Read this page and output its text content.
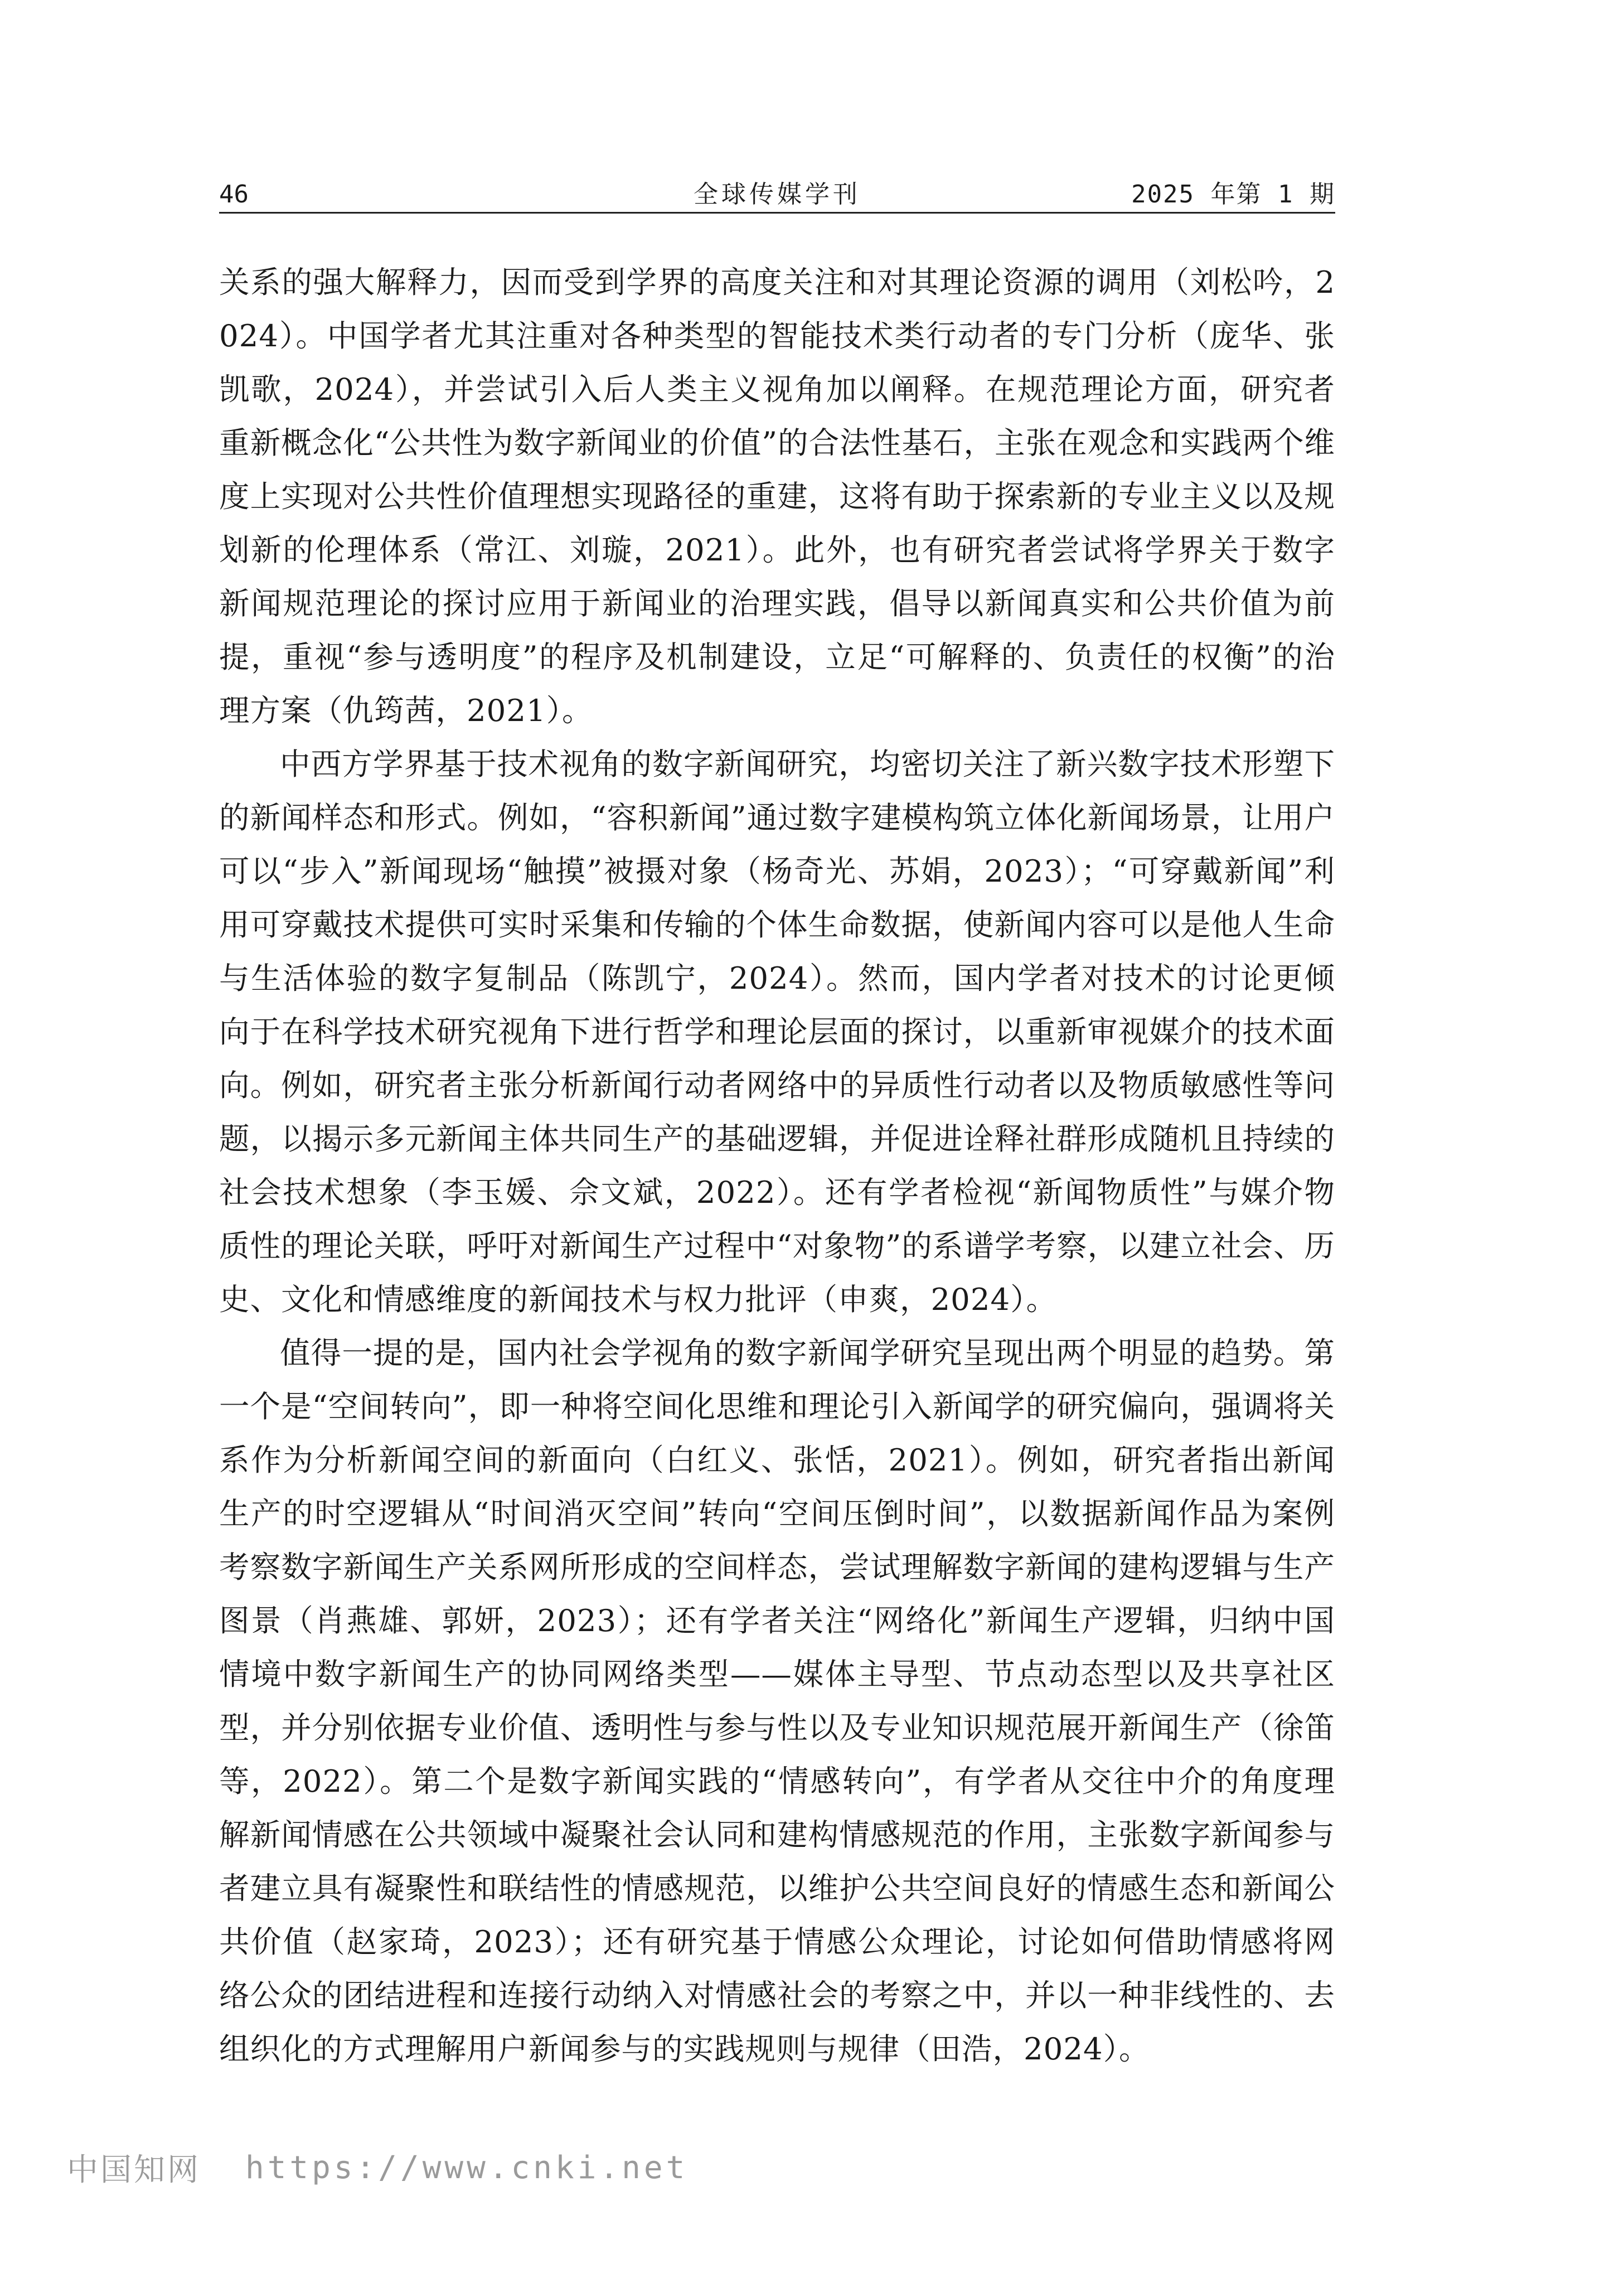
全球传媒学刊
46	2025 年第 1 期

关系的强大解释力，因而受到学界的高度关注和对其理论资源的调用（刘松吟，2024）。中国学者尤其注重对各种类型的智能技术类行动者的专门分析（庞华、张凯歌，2024），并尝试引入后人类主义视角加以阐释。在规范理论方面，研究者重新概念化“公共性为数字新闻业的价值”的合法性基石，主张在观念和实践两个维度上实现对公共性价值理想实现路径的重建，这将有助于探索新的专业主义以及规划新的伦理体系（常江、刘璇，2021）。此外，也有研究者尝试将学界关于数字新闻规范理论的探讨应用于新闻业的治理实践，倡导以新闻真实和公共价值为前提，重视“参与透明度”的程序及机制建设，立足“可解释的、负责任的权衡”的治理方案（仇筠茜，2021）。

中西方学界基于技术视角的数字新闻研究，均密切关注了新兴数字技术形塑下的新闻样态和形式。例如，“容积新闻”通过数字建模构筑立体化新闻场景，让用户可以“步入”新闻现场“触摸”被摄对象（杨奇光、苏娟，2023）；“可穿戴新闻”利用可穿戴技术提供可实时采集和传输的个体生命数据，使新闻内容可以是他人生命与生活体验的数字复制品（陈凯宁，2024）。然而，国内学者对技术的讨论更倾向于在科学技术研究视角下进行哲学和理论层面的探讨，以重新审视媒介的技术面向。例如，研究者主张分析新闻行动者网络中的异质性行动者以及物质敏感性等问题，以揭示多元新闻主体共同生产的基础逻辑，并促进诠释社群形成随机且持续的社会技术想象（李玉媛、佘文斌，2022）。还有学者检视“新闻物质性”与媒介物质性的理论关联，呼吁对新闻生产过程中“对象物”的系谱学考察，以建立社会、历史、文化和情感维度的新闻技术与权力批评（申爽，2024）。

值得一提的是，国内社会学视角的数字新闻学研究呈现出两个明显的趋势。第一个是“空间转向”，即一种将空间化思维和理论引入新闻学的研究偏向，强调将关系作为分析新闻空间的新面向（白红义、张恬，2021）。例如，研究者指出新闻生产的时空逻辑从“时间消灭空间”转向“空间压倒时间”，以数据新闻作品为案例考察数字新闻生产关系网所形成的空间样态，尝试理解数字新闻的建构逻辑与生产图景（肖燕雄、郭妍，2023）；还有学者关注“网络化”新闻生产逻辑，归纳中国情境中数字新闻生产的协同网络类型——媒体主导型、节点动态型以及共享社区型，并分别依据专业价值、透明性与参与性以及专业知识规范展开新闻生产（徐笛等，2022）。第二个是数字新闻实践的“情感转向”，有学者从交往中介的角度理解新闻情感在公共领域中凝聚社会认同和建构情感规范的作用，主张数字新闻参与者建立具有凝聚性和联结性的情感规范，以维护公共空间良好的情感生态和新闻公共价值（赵家琦，2023）；还有研究基于情感公众理论，讨论如何借助情感将网络公众的团结进程和连接行动纳入对情感社会的考察之中，并以一种非线性的、去组织化的方式理解用户新闻参与的实践规则与规律（田浩，2024）。

中国知网 https://www.cnki.net
